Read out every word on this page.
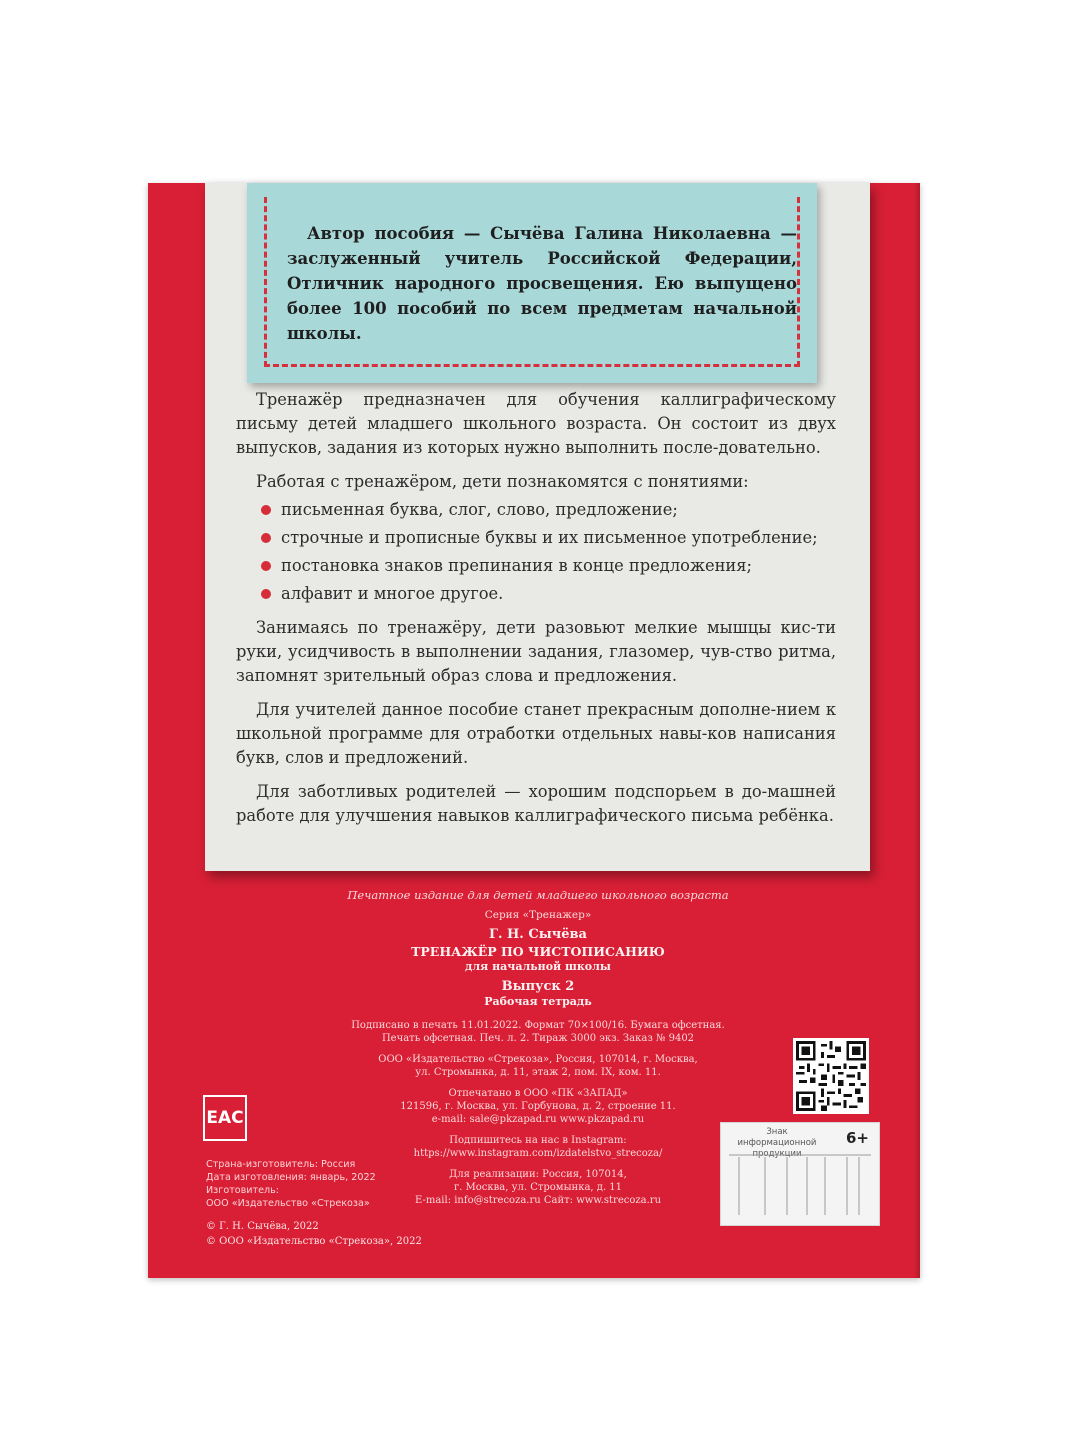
Автор пособия — Сычёва Галина Николаевна — заслуженный учитель Российской Федерации, Отличник народного просвещения. Ею выпущено более 100 пособий по всем предметам начальной школы.

Тренажёр предназначен для обучения каллиграфическому письму детей младшего школьного возраста. Он состоит из двух выпусков, задания из которых нужно выполнить после-довательно.

Работая с тренажёром, дети познакомятся с понятиями:

письменная буква, слог, слово, предложение;
строчные и прописные буквы и их письменное употребление;
постановка знаков препинания в конце предложения;
алфавит и многое другое.

Занимаясь по тренажёру, дети разовьют мелкие мышцы кис-ти руки, усидчивость в выполнении задания, глазомер, чув-ство ритма, запомнят зрительный образ слова и предложения.

Для учителей данное пособие станет прекрасным дополне-нием к школьной программе для отработки отдельных навы-ков написания букв, слов и предложений.

Для заботливых родителей — хорошим подспорьем в до-машней работе для улучшения навыков каллиграфического письма ребёнка.

Печатное издание для детей младшего школьного возраста
Серия «Тренажер»
Г. Н. Сычёва
ТРЕНАЖЁР ПО ЧИСТОПИСАНИЮ
для начальной школы
Выпуск 2
Рабочая тетрадь
Подписано в печать 11.01.2022. Формат 70×100/16. Бумага офсетная.
Печать офсетная. Печ. л. 2. Тираж 3000 экз. Заказ № 9402
ООО «Издательство «Стрекоза», Россия, 107014, г. Москва,
ул. Стромынка, д. 11, этаж 2, пом. IX, ком. 11.
Отпечатано в ООО «ПК «ЗАПАД»
121596, г. Москва, ул. Горбунова, д. 2, строение 11.
e-mail: sale@pkzapad.ru www.pkzapad.ru
Подпишитесь на нас в Instagram:
https://www.instagram.com/izdatelstvo_strecoza/
Для реализации: Россия, 107014,
г. Москва, ул. Стромынка, д. 11
E-mail: info@strecoza.ru Сайт: www.strecoza.ru
EAC
Страна-изготовитель: Россия
Дата изготовления: январь, 2022
Изготовитель:
ООО «Издательство «Стрекоза»
© Г. Н. Сычёва, 2022
© ООО «Издательство «Стрекоза», 2022
Знак информационной продукции
6+
